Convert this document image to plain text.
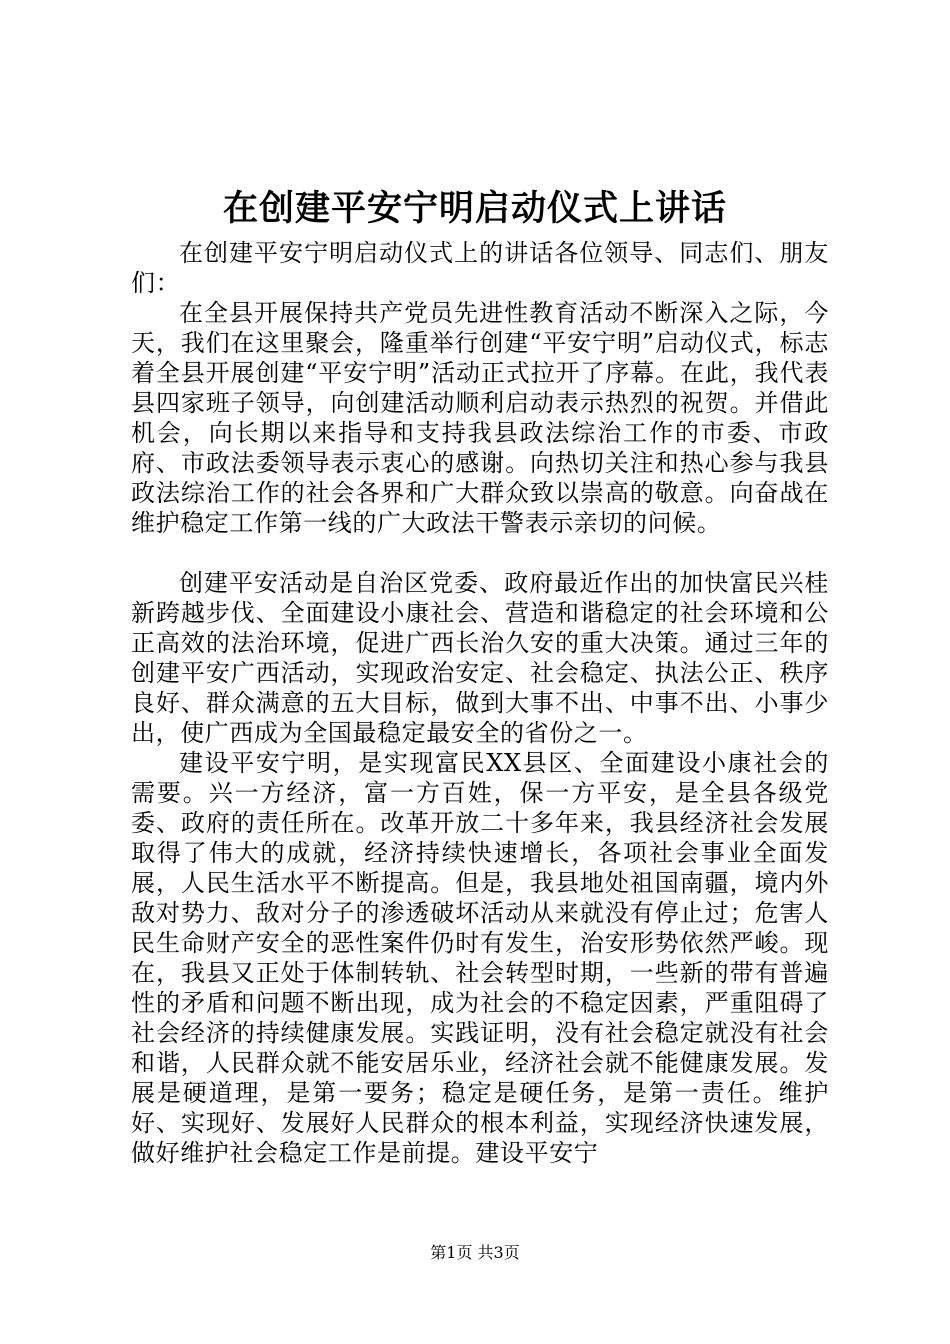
在创建平安宁明启动仪式上讲话

在创建平安宁明启动仪式上的讲话各位领导、同志们、朋友们：

在全县开展保持共产党员先进性教育活动不断深入之际，今天，我们在这里聚会，隆重举行创建“平安宁明”启动仪式，标志着全县开展创建“平安宁明”活动正式拉开了序幕。在此，我代表县四家班子领导，向创建活动顺利启动表示热烈的祝贺。并借此机会，向长期以来指导和支持我县政法综治工作的市委、市政府、市政法委领导表示衷心的感谢。向热切关注和热心参与我县政法综治工作的社会各界和广大群众致以崇高的敬意。向奋战在维护稳定工作第一线的广大政法干警表示亲切的问候。

创建平安活动是自治区党委、政府最近作出的加快富民兴桂新跨越步伐、全面建设小康社会、营造和谐稳定的社会环境和公正高效的法治环境，促进广西长治久安的重大决策。通过三年的创建平安广西活动，实现政治安定、社会稳定、执法公正、秩序良好、群众满意的五大目标，做到大事不出、中事不出、小事少出，使广西成为全国最稳定最安全的省份之一。

建设平安宁明，是实现富民XX县区、全面建设小康社会的需要。兴一方经济，富一方百姓，保一方平安，是全县各级党委、政府的责任所在。改革开放二十多年来，我县经济社会发展取得了伟大的成就，经济持续快速增长，各项社会事业全面发展，人民生活水平不断提高。但是，我县地处祖国南疆，境内外敌对势力、敌对分子的渗透破坏活动从来就没有停止过；危害人民生命财产安全的恶性案件仍时有发生，治安形势依然严峻。现在，我县又正处于体制转轨、社会转型时期，一些新的带有普遍性的矛盾和问题不断出现，成为社会的不稳定因素，严重阻碍了社会经济的持续健康发展。实践证明，没有社会稳定就没有社会和谐，人民群众就不能安居乐业，经济社会就不能健康发展。发展是硬道理，是第一要务；稳定是硬任务，是第一责任。维护好、实现好、发展好人民群众的根本利益，实现经济快速发展，做好维护社会稳定工作是前提。建设平安宁

第1页 共3页
